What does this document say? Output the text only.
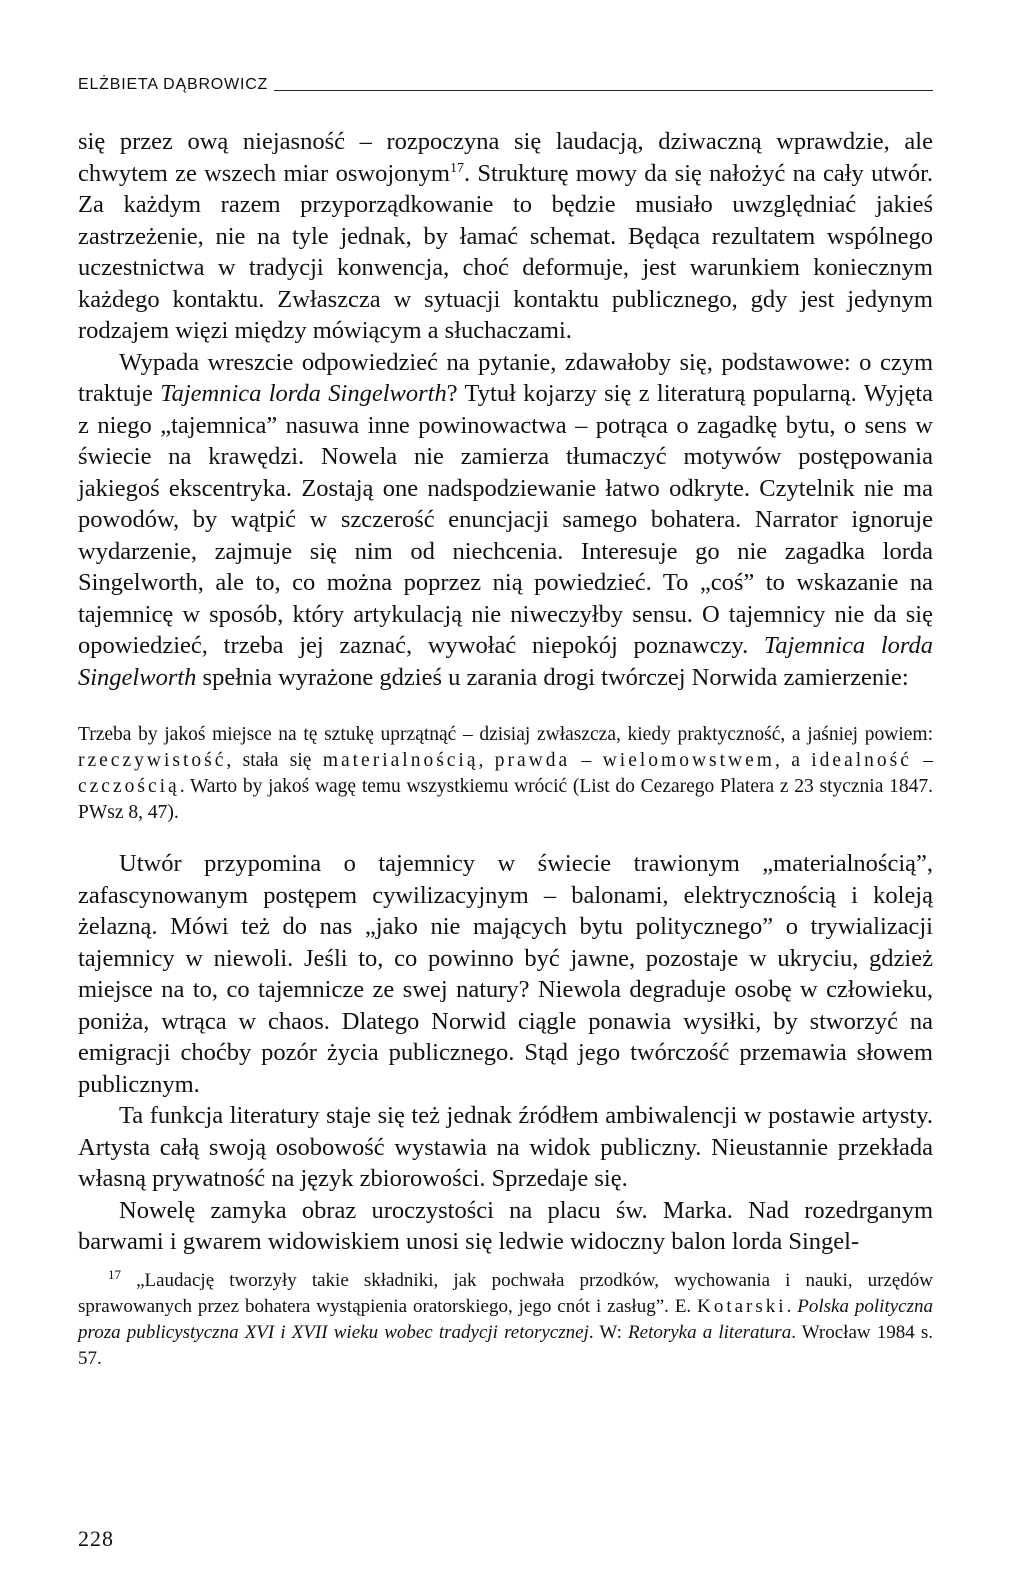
ELŻBIETA DĄBROWICZ

się przez ową niejasność – rozpoczyna się laudacją, dziwaczną wprawdzie, ale chwytem ze wszech miar oswojonym$^{17}$. Strukturę mowy da się nałożyć na cały utwór. Za każdym razem przyporządkowanie to będzie musiało uwzględniać jakieś zastrzeżenie, nie na tyle jednak, by łamać schemat. Będąca rezultatem wspólnego uczestnictwa w tradycji konwencja, choć deformuje, jest warunkiem koniecznym każdego kontaktu. Zwłaszcza w sytuacji kontaktu publicznego, gdy jest jedynym rodzajem więzi między mówiącym a słuchaczami.

Wypada wreszcie odpowiedzieć na pytanie, zdawałoby się, podstawowe: o czym traktuje Tajemnica lorda Singelworth? Tytuł kojarzy się z literaturą popularną. Wyjęta z niego „tajemnica” nasuwa inne powinowactwa – potrąca o zagadkę bytu, o sens w świecie na krawędzi. Nowela nie zamierza tłumaczyć motywów postępowania jakiegoś ekscentryka. Zostają one nadspodziewanie łatwo odkryte. Czytelnik nie ma powodów, by wątpić w szczerość enuncjacji samego bohatera. Narrator ignoruje wydarzenie, zajmuje się nim od niechcenia. Interesuje go nie zagadka lorda Singelworth, ale to, co można poprzez nią powiedzieć. To „coś” to wskazanie na tajemnicę w sposób, który artykulacją nie niweczyłby sensu. O tajemnicy nie da się opowiedzieć, trzeba jej zaznać, wywołać niepokój poznawczy. Tajemnica lorda Singelworth spełnia wyrażone gdzieś u zarania drogi twórczej Norwida zamierzenie:

Trzeba by jakoś miejsce na tę sztukę uprzątnąć – dzisiaj zwłaszcza, kiedy praktyczność, a jaśniej powiem: rzeczywistość, stała się materialnością, prawda – wielomowstwem, a idealność – czczością. Warto by jakoś wagę temu wszystkiemu wrócić (List do Cezarego Platera z 23 stycznia 1847. PWsz 8, 47).

Utwór przypomina o tajemnicy w świecie trawionym „materialnością”, zafascynowanym postępem cywilizacyjnym – balonami, elektrycznością i koleją żelazną. Mówi też do nas „jako nie mających bytu politycznego” o trywializacji tajemnicy w niewoli. Jeśli to, co powinno być jawne, pozostaje w ukryciu, gdzież miejsce na to, co tajemnicze ze swej natury? Niewola degraduje osobę w człowieku, poniża, wtrąca w chaos. Dlatego Norwid ciągle ponawia wysiłki, by stworzyć na emigracji choćby pozór życia publicznego. Stąd jego twórczość przemawia słowem publicznym.

Ta funkcja literatury staje się też jednak źródłem ambiwalencji w postawie artysty. Artysta całą swoją osobowość wystawia na widok publiczny. Nieustannie przekłada własną prywatność na język zbiorowości. Sprzedaje się.

Nowelę zamyka obraz uroczystości na placu św. Marka. Nad rozedrganym barwami i gwarem widowiskiem unosi się ledwie widoczny balon lorda Singel-

$^{17}$ „Laudację tworzyły takie składniki, jak pochwała przodków, wychowania i nauki, urzędów sprawowanych przez bohatera wystąpienia oratorskiego, jego cnót i zasług”. E. Kotarski. Polska polityczna proza publicystyczna XVI i XVII wieku wobec tradycji retorycznej. W: Retoryka a literatura. Wrocław 1984 s. 57.
228
